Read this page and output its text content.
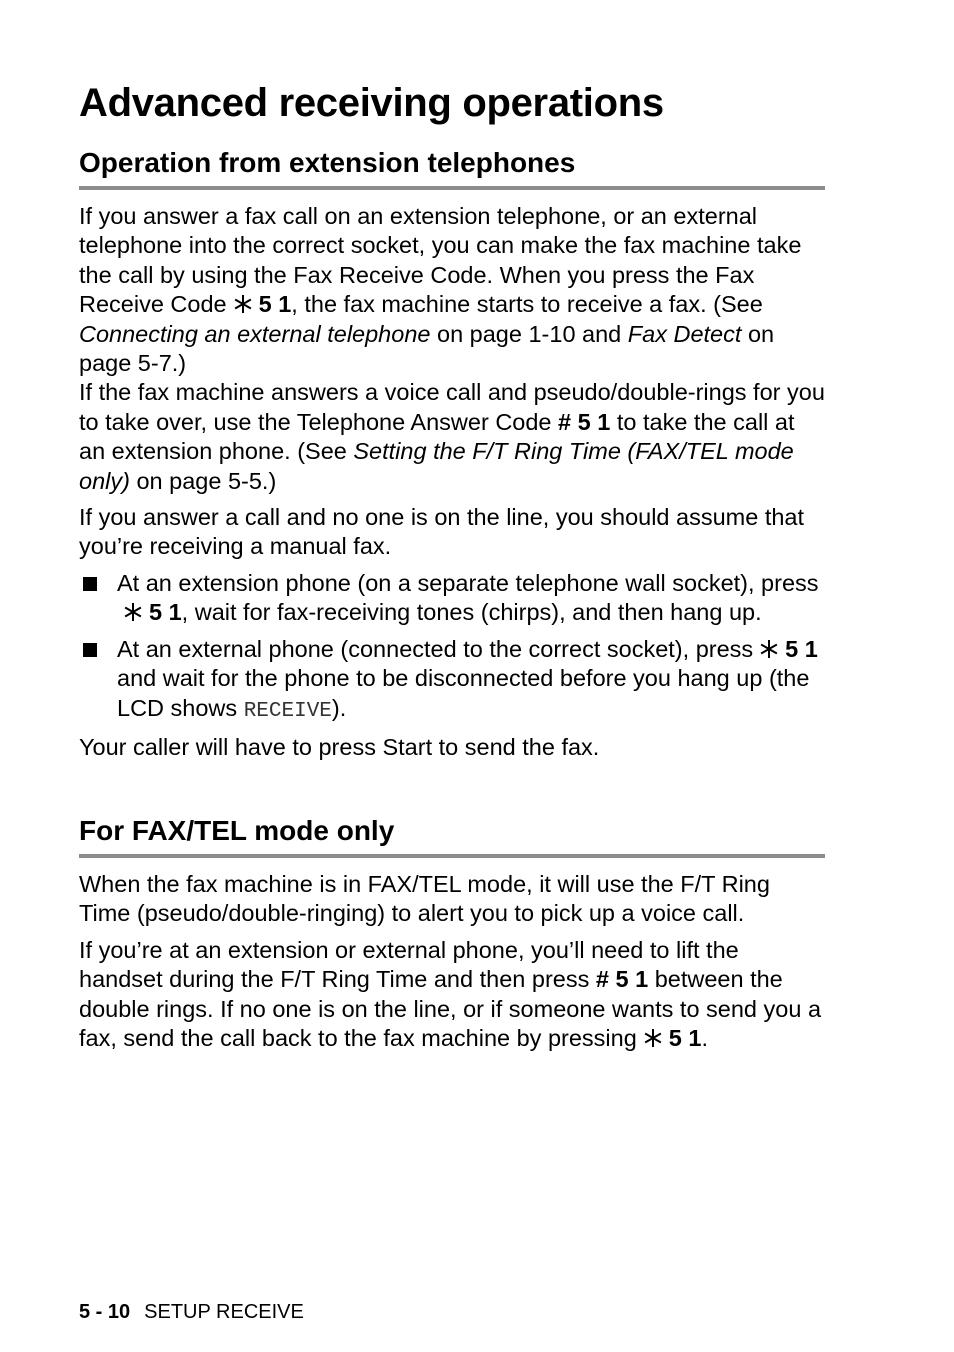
Advanced receiving operations
Operation from extension telephones

If you answer a fax call on an extension telephone, or an external telephone into the correct socket, you can make the fax machine take the call by using the Fax Receive Code. When you press the Fax Receive Code 5 1, the fax machine starts to receive a fax. (See Connecting an external telephone on page 1-10 and Fax Detect on page 5-7.)

If the fax machine answers a voice call and pseudo/double-rings for you to take over, use the Telephone Answer Code # 5 1 to take the call at an extension phone. (See Setting the F/T Ring Time (FAX/TEL mode only) on page 5-5.)

If you answer a call and no one is on the line, you should assume that you’re receiving a manual fax.

At an extension phone (on a separate telephone wall socket), press5 1, wait for fax-receiving tones (chirps), and then hang up.
At an external phone (connected to the correct socket), press 5 1 and wait for the phone to be disconnected before you hang up (the LCD shows RECEIVE).

Your caller will have to press Start to send the fax.

For FAX/TEL mode only

When the fax machine is in FAX/TEL mode, it will use the F/T Ring Time (pseudo/double-ringing) to alert you to pick up a voice call.

If you’re at an extension or external phone, you’ll need to lift the handset during the F/T Ring Time and then press # 5 1 between the double rings. If no one is on the line, or if someone wants to send you a fax, send the call back to the fax machine by pressing 5 1.

5 - 10 SETUP RECEIVE
